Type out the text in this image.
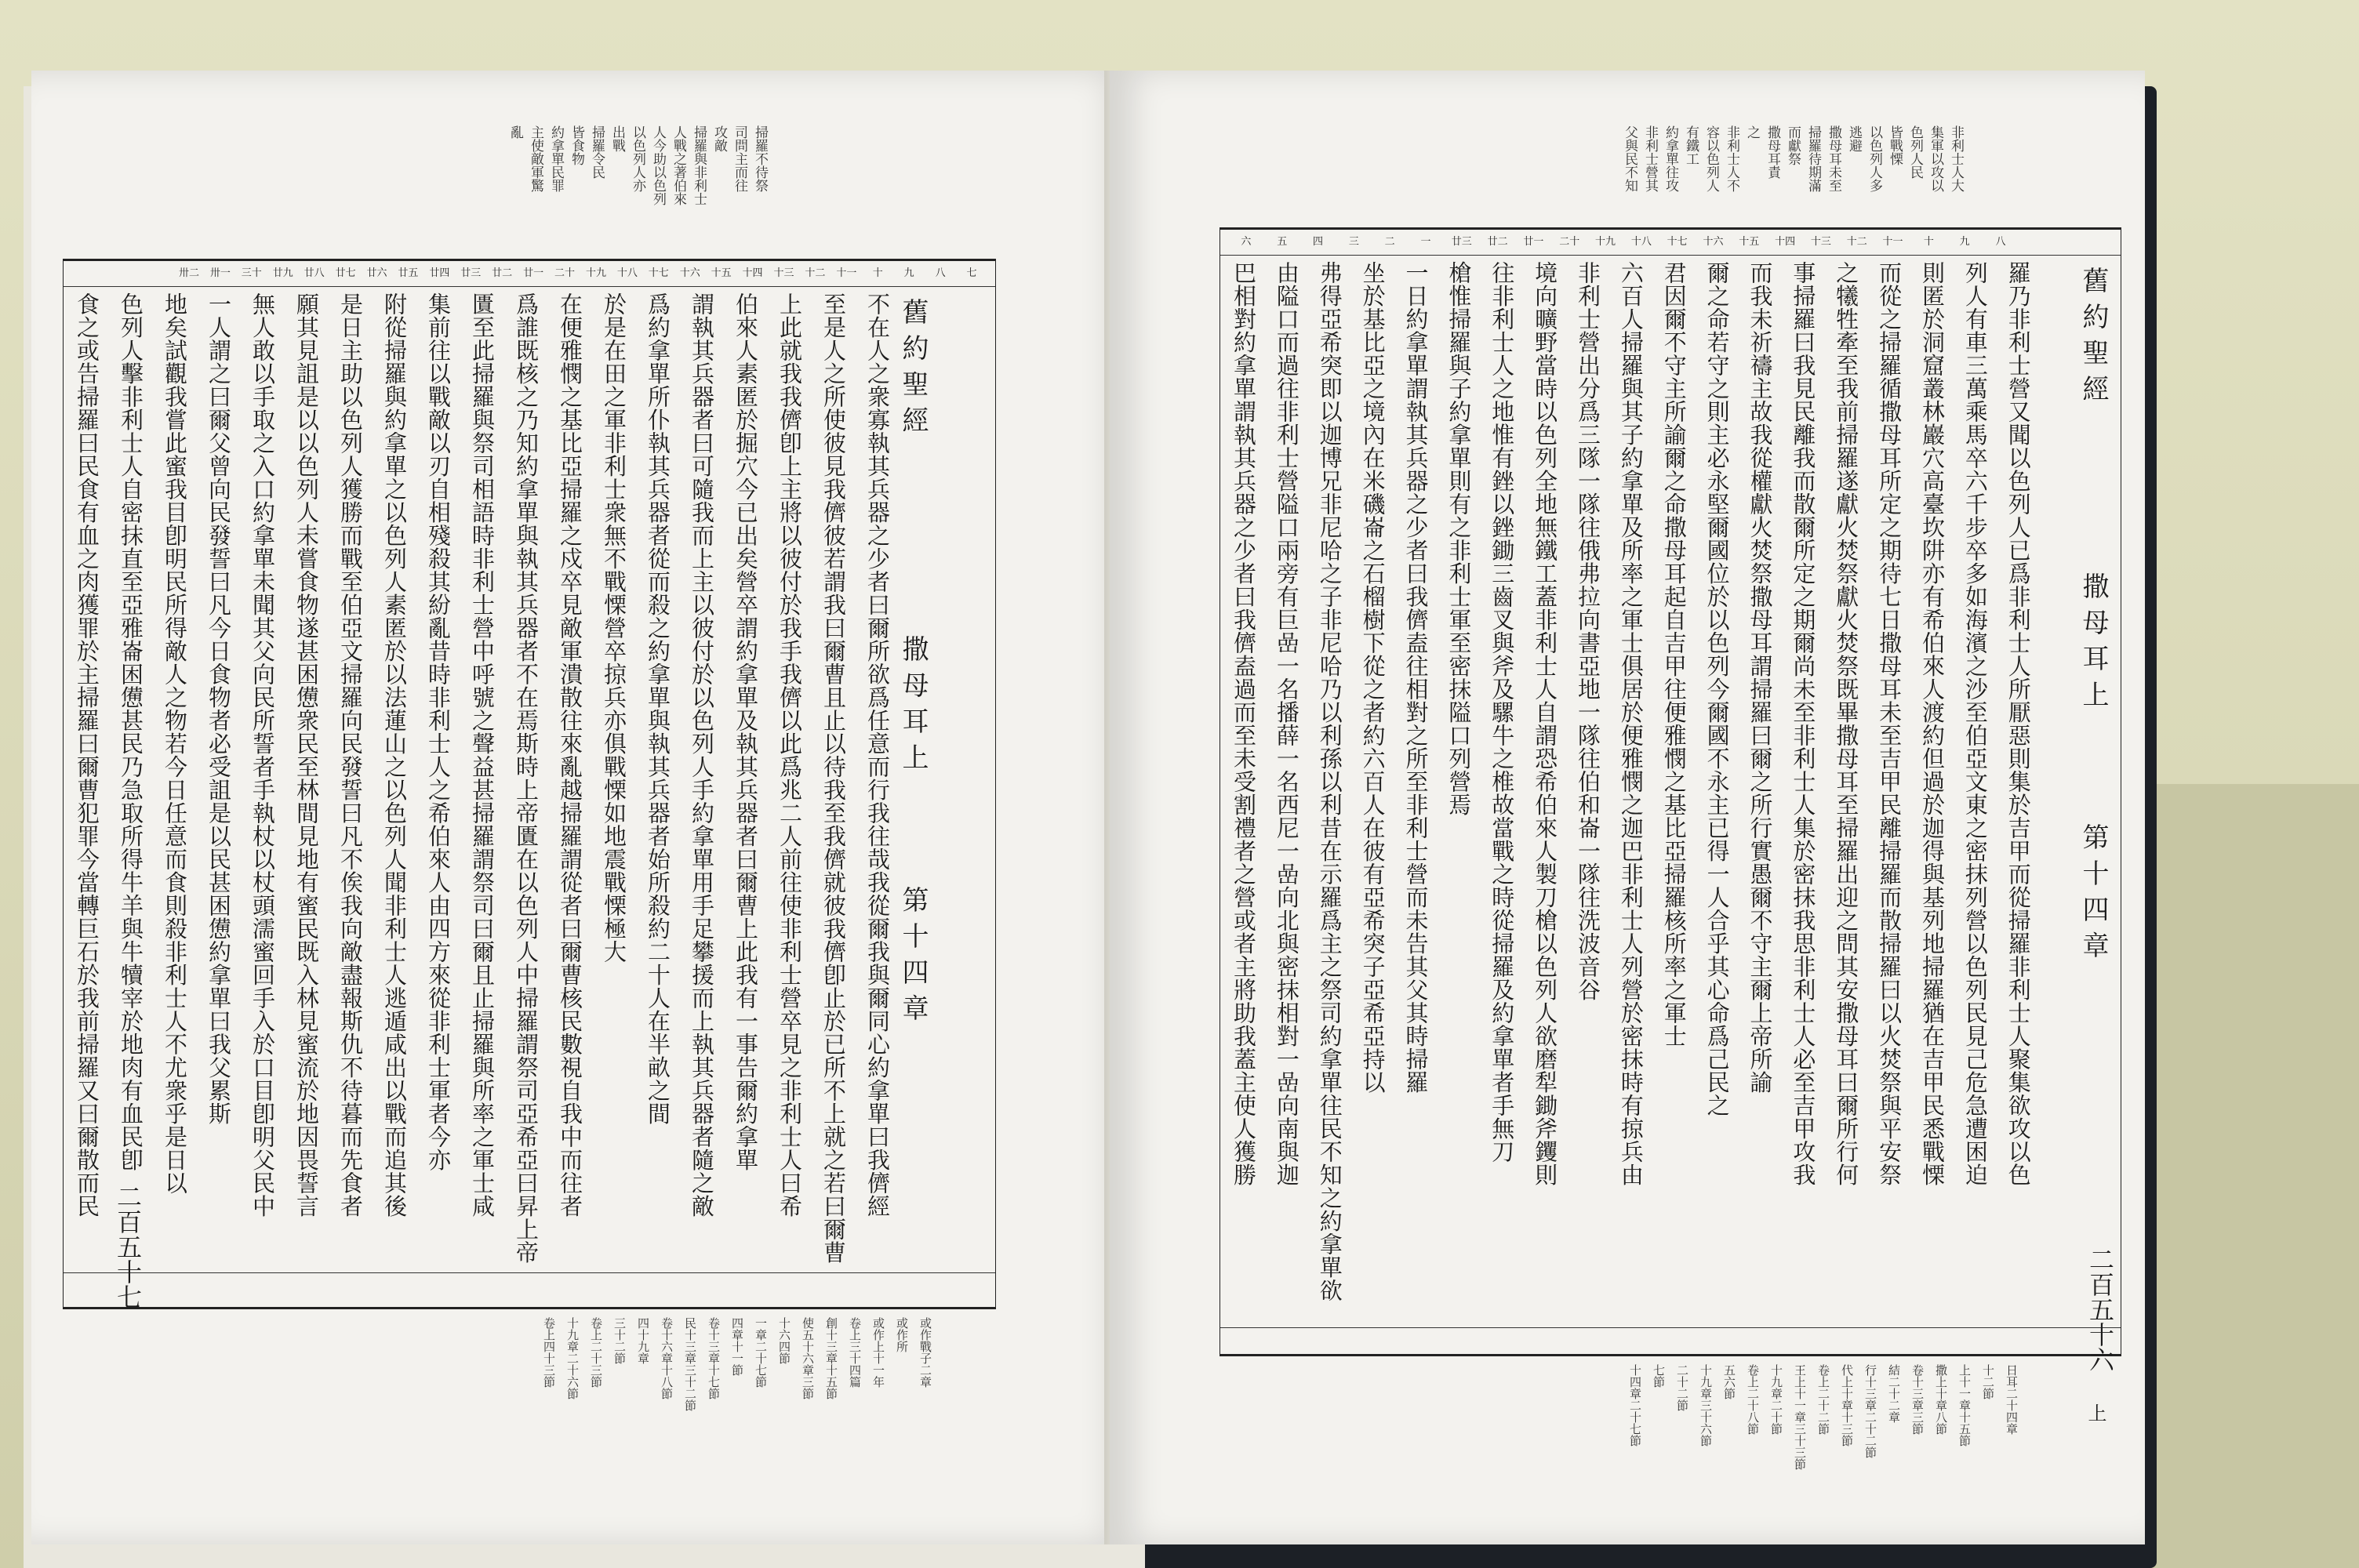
掃羅不待祭
司問主而往
攻敵
掃羅與非利士
人戰之著伯來
人今助以色列
以色列人亦
出戰
掃羅令民
皆食物
約拿單民罪
主使敵軍驚
亂
七
八
九
十
十一
十二
十三
十四
十五
十六
十七
十八
十九
二十
廿一
廿二
廿三
廿四
廿五
廿六
廿七
廿八
廿九
三十
卅一
卅二
不在人之衆寡執其兵器之少者曰爾所欲爲任意而行我往哉我從爾我與爾同心約拿單曰我儕經
至是人之所使彼見我儕彼若謂我曰爾曹且止以待我至我儕就彼我儕卽止於已所不上就之若曰爾曹
上此就我我儕卽上主將以彼付於我手我儕以此爲兆二人前往使非利士營卒見之非利士人曰希
伯來人素匿於掘穴今已出矣營卒謂約拿單及執其兵器者曰爾曹上此我有一事告爾約拿單
謂執其兵器者曰可隨我而上主以彼付於以色列人手約拿單用手足攀援而上執其兵器者隨之敵
爲約拿單所仆執其兵器者從而殺之約拿單與執其兵器者始所殺約二十人在半畝之間
於是在田之軍非利士衆無不戰慄營卒掠兵亦俱戰慄如地震戰慄極大
在便雅憫之基比亞掃羅之戍卒見敵軍潰散往來亂越掃羅謂從者曰爾曹核民數視自我中而往者
爲誰既核之乃知約拿單與執其兵器者不在焉斯時上帝匱在以色列人中掃羅謂祭司亞希亞曰昇上帝
匱至此掃羅與祭司相語時非利士營中呼號之聲益甚掃羅謂祭司曰爾且止掃羅與所率之軍士咸
集前往以戰敵以刃自相殘殺其紛亂昔時非利士人之希伯來人由四方來從非利士軍者今亦
附從掃羅與約拿單之以色列人素匿於以法蓮山之以色列人聞非利士人逃遁咸出以戰而追其後
是日主助以色列人獲勝而戰至伯亞文掃羅向民發誓曰凡不俟我向敵盡報斯仇不待暮而先食者
願其見詛是以以色列人未嘗食物遂甚困憊衆民至林間見地有蜜民既入林見蜜流於地因畏誓言
無人敢以手取之入口約拿單未聞其父向民所誓者手執杖以杖頭濡蜜回手入於口目卽明父民中
一人謂之曰爾父曾向民發誓曰凡今日食物者必受詛是以民甚困憊約拿單曰我父累斯
地矣試觀我嘗此蜜我目卽明民所得敵人之物若今日任意而食則殺非利士人不尤衆乎是日以
色列人擊非利士人自密抹直至亞雅崙困憊甚民乃急取所得牛羊與牛犢宰於地肉有血民卽
食之或告掃羅曰民食有血之肉獲罪於主掃羅曰爾曹犯罪今當轉巨石於我前掃羅又曰爾散而民	舊約聖經
撒母耳上
第十四章
二百五十七
或作戰子二章
或作所
或作上十一年
卷上三十四篇
創十三章十五節
使五十六章三節
十六四節
一章二十七節
四章十一節
卷十三章十七節
民十三章三十二節
卷十六章十八節
四十九章
三十二節
卷上二十三節
十九章二十六節
卷上四十三節
非利士人大
集軍以攻以
色列人民
皆戰慄
以色列人多
逃避
撒母耳未至
掃羅待期滿
而獻祭
撒母耳責
之
非利士人不
容以色列人
有鐵工
約拿單往攻
非利士營其
父與民不知
八
九
十
十一
十二
十三
十四
十五
十六
十七
十八
十九
二十
廿一
廿二
廿三
一
二
三
四
五
六
羅乃非利士營又聞以色列人已爲非利士人所厭惡則集於吉甲而從掃羅非利士人聚集欲攻以色
列人有車三萬乘馬卒六千步卒多如海濱之沙至伯亞文東之密抹列營以色列民見己危急遭困迫
則匿於洞窟叢林巖穴高臺坎阱亦有希伯來人渡約但過於迦得與基列地掃羅猶在吉甲民悉戰慄
而從之掃羅循撒母耳所定之期待七日撒母耳未至吉甲民離掃羅而散掃羅曰以火焚祭與平安祭
之犧牲牽至我前掃羅遂獻火焚祭獻火焚祭既畢撒母耳至掃羅出迎之問其安撒母耳曰爾所行何
事掃羅曰我見民離我而散爾所定之期爾尚未至非利士人集於密抹我思非利士人必至吉甲攻我
而我未祈禱主故我從權獻火焚祭撒母耳謂掃羅曰爾之所行實愚爾不守主爾上帝所諭
爾之命若守之則主必永堅爾國位於以色列今爾國不永主已得一人合乎其心命爲己民之
君因爾不守主所諭爾之命撒母耳起自吉甲往便雅憫之基比亞掃羅核所率之軍士
六百人掃羅與其子約拿單及所率之軍士俱居於便雅憫之迦巴非利士人列營於密抹時有掠兵由
非利士營出分爲三隊一隊往俄弗拉向書亞地一隊往伯和崙一隊往洗波音谷
境向曠野當時以色列全地無鐵工蓋非利士人自謂恐希伯來人製刀槍以色列人欲磨犁鋤斧钁則
往非利士人之地惟有銼以銼鋤三齒叉與斧及騾牛之椎故當戰之時從掃羅及約拿單者手無刀
槍惟掃羅與子約拿單則有之非利士軍至密抹隘口列營焉
一日約拿單謂執其兵器之少者曰我儕盍往相對之所至非利士營而未告其父其時掃羅
坐於基比亞之境內在米磯崙之石榴樹下從之者約六百人在彼有亞希突子亞希亞持以
弗得亞希突即以迦博兄非尼哈之子非尼哈乃以利孫以利昔在示羅爲主之祭司約拿單往民不知之約拿單欲
由隘口而過往非利士營隘口兩旁有巨嵒一名播薛一名西尼一嵒向北與密抹相對一嵒向南與迦
巴相對約拿單謂執其兵器之少者曰我儕盍過而至未受割禮者之營或者主將助我蓋主使人獲勝	舊約聖經
撒母耳上
第十四章
二百五十六
上
日耳二十四章
十二節
上十一章十五節
撒上十章八節
卷十三章三節
結二十二章
行十三章二十二節
代上十章十三節
卷上二十二節
王上十一章三十三節
十九章二十節
卷上二十八節
五六節
十九章三十六節
二十二節
七節
十四章二十七節
